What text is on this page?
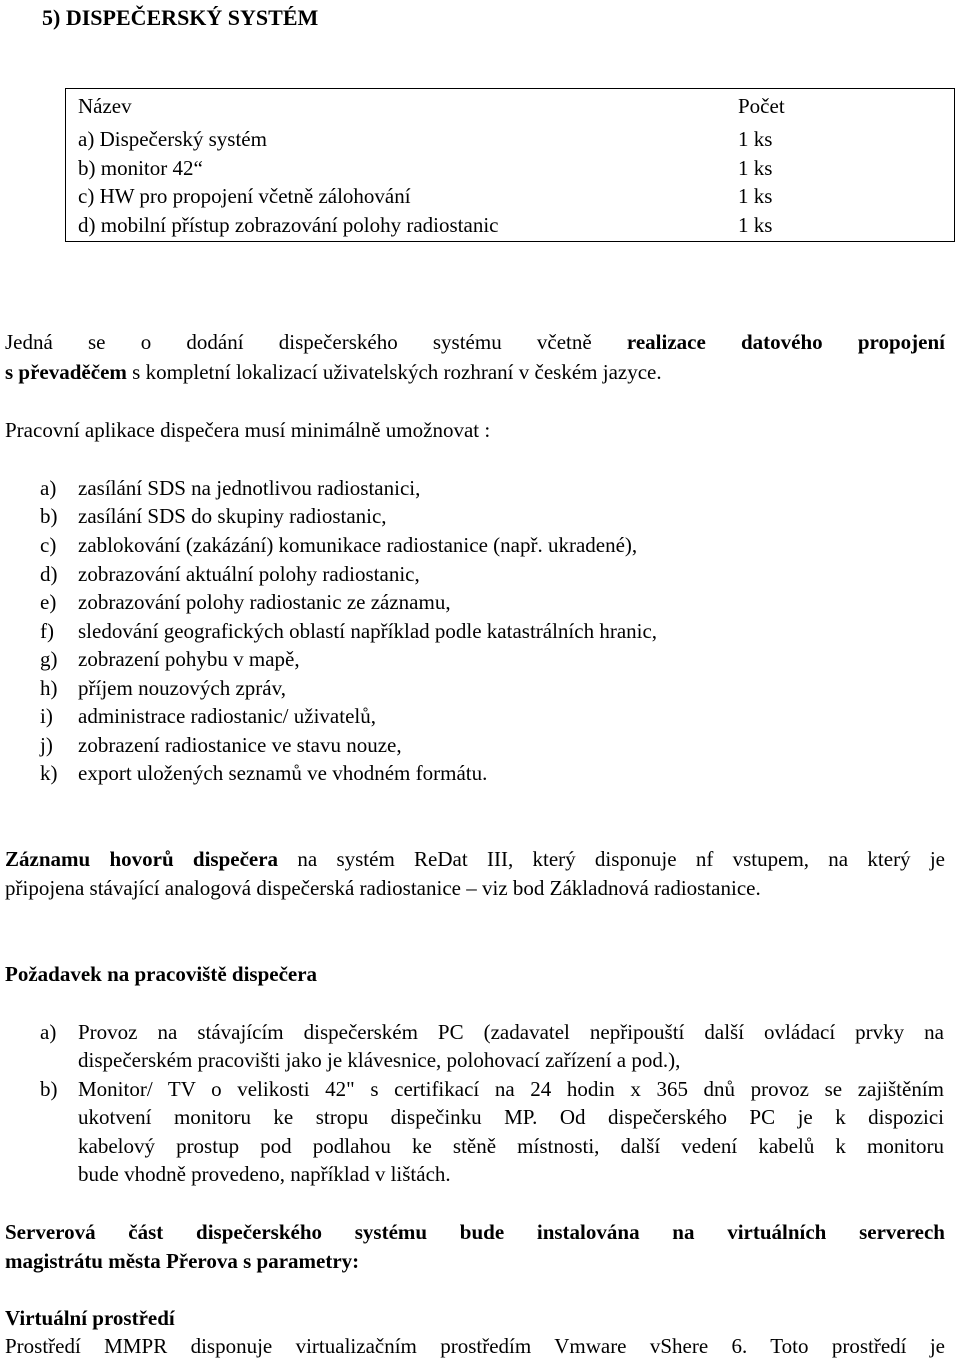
5) DISPEČERSKÝ SYSTÉM
Název	Počet
a) Dispečerský systém	1 ks
b) monitor 42“	1 ks
c) HW pro propojení včetně zálohování	1 ks
d) mobilní přístup zobrazování polohy radiostanic	1 ks
Jedná se o dodání dispečerského systému včetně realizace datového propojení
s převaděčem s kompletní lokalizací uživatelských rozhraní v českém jazyce.
Pracovní aplikace dispečera musí minimálně umožnovat :
a) zasílání SDS na jednotlivou radiostanici,
b) zasílání SDS do skupiny radiostanic,
c) zablokování (zakázání) komunikace radiostanice (např. ukradené),
d) zobrazování aktuální polohy radiostanic,
e) zobrazování polohy radiostanic ze záznamu,
f) sledování geografických oblastí například podle katastrálních hranic,
g) zobrazení pohybu v mapě,
h) příjem nouzových zpráv,
i) administrace radiostanic/ uživatelů,
j) zobrazení radiostanice ve stavu nouze,
k) export uložených seznamů ve vhodném formátu.
Záznamu hovorů dispečera na systém ReDat III, který disponuje nf vstupem, na který je
připojena stávající analogová dispečerská radiostanice – viz bod Základnová radiostanice.
Požadavek na pracoviště dispečera
a) Provoz na stávajícím dispečerském PC (zadavatel nepřipouští další ovládací prvky na
dispečerském pracovišti jako je klávesnice, polohovací zařízení a pod.),
b) Monitor/ TV o velikosti 42" s certifikací na 24 hodin x 365 dnů provoz se zajištěním
ukotvení monitoru ke stropu dispečinku MP. Od dispečerského PC je k dispozici
kabelový prostup pod podlahou ke stěně místnosti, další vedení kabelů k monitoru
bude vhodně provedeno, například v lištách.
Serverová část dispečerského systému bude instalována na virtuálních serverech
magistrátu města Přerova s parametry:
Virtuální prostředí
Prostředí MMPR disponuje virtualizačním prostředím Vmware vShere 6. Toto prostředí je
